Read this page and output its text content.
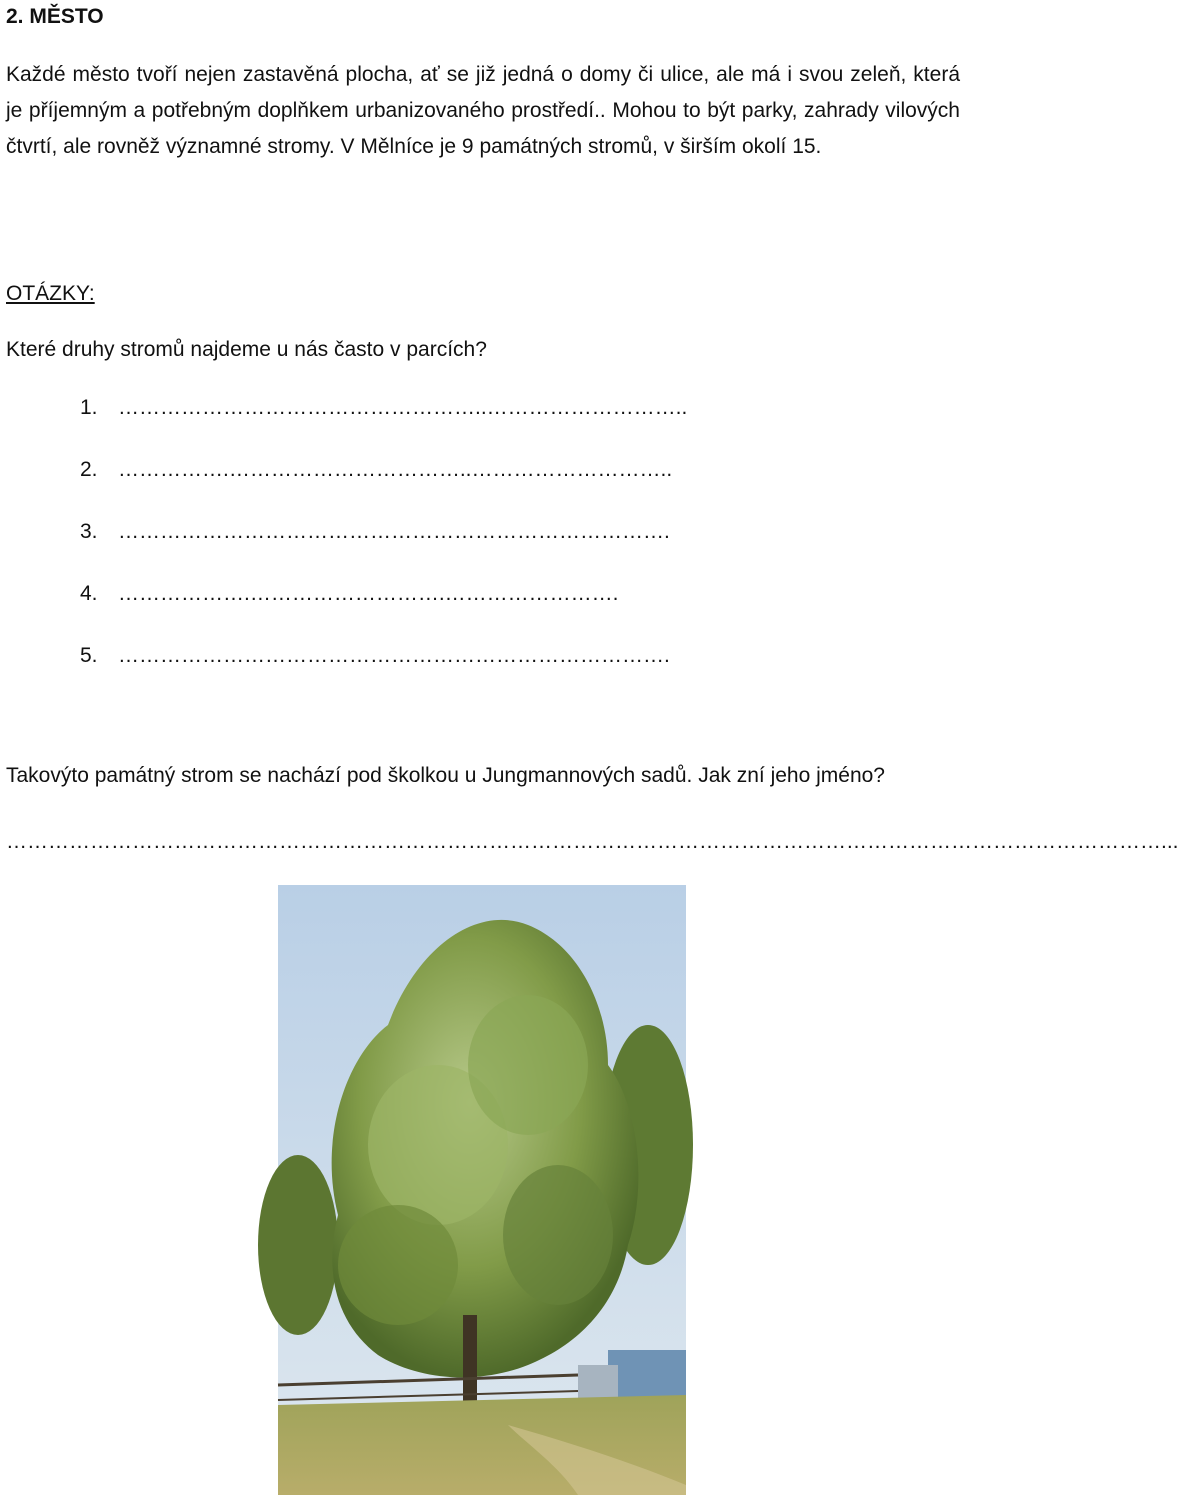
2. MĚSTO
Každé město tvoří nejen zastavěná plocha, ať se již jedná o domy či ulice, ale má i svou zeleň, která je příjemným a potřebným doplňkem urbanizovaného prostředí.. Mohou to být parky, zahrady vilových čtvrtí, ale rovněž významné stromy. V Mělníce je 9 památných stromů, v širším okolí 15.
OTÁZKY:
Které druhy stromů najdeme u nás často v parcích?
1. ……………………………………………..………………………..
2. …………….……………………………..………………………..
3. …………………………………………………………………….
4. ……………….……………………….…………………….
5. …………………………………………………………………….
Takovýto památný strom se nachází pod školkou u Jungmannových sadů. Jak zní jeho jméno?
…………………………………………………………………………………………………………………………………………………...
